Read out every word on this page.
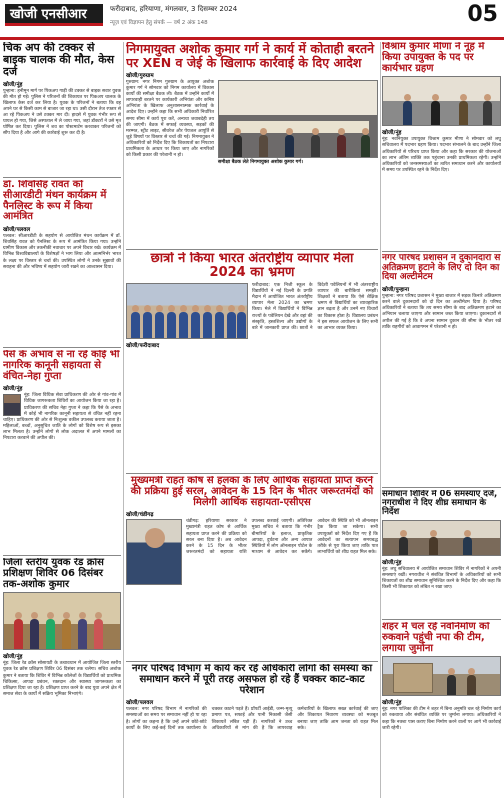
खोजी एनसीआर	फरीदाबाद, हरियाणा, मंगलवार, 3 दिसम्बर 2024
न्यूज़ एवं विज्ञापन हेतु संपर्क — वर्ष 2 अंक 148	05
चिक अप की टक्कर से बाइक चालक की मौत, केस दर्ज
खोजी/नूंह
पुन्हाना: हनीमून मार्ग पर पिकअप गाड़ी की टक्कर से बाइक सवार युवक की मौत हो गई। पुलिस ने परिजनों की शिकायत पर पिकअप चालक के खिलाफ केस दर्ज कर लिया है। युवक के परिजनों ने बताया कि वह अपने घर से किसी काम से बाजार जा रहा था। उसी दौरान तेज रफ्तार से आ रहे पिकअप ने उसे टक्कर मार दी। हादसे में युवक गंभीर रूप से घायल हो गया, जिसे अस्पताल में ले जाया गया, जहां डॉक्टरों ने उसे मृत घोषित कर दिया। पुलिस ने शव का पोस्टमार्टम करवाकर परिजनों को सौंप दिया है और आगे की कार्रवाई शुरू कर दी है।
डॉ. शिवसिंह रावत को सीआरडीटी मंथन कार्यक्रम में पैनलिस्ट के रूप में किया आमंत्रित
खोजी/पलवल
पलवल: सीआरडीटी के सहयोग से आयोजित मंथन कार्यक्रम में डॉ. शिवसिंह रावत को पैनलिस्ट के रूप में आमंत्रित किया गया। उन्होंने ग्रामीण विकास और तकनीकी नवाचार पर अपने विचार रखे। कार्यक्रम में विभिन्न विश्वविद्यालयों के विशेषज्ञों ने भाग लिया और आत्मनिर्भर भारत के लक्ष्य पर विस्तार से चर्चा की। उपस्थित लोगों ने उनके सुझावों की सराहना की और भविष्य में सहयोग जारी रखने का आश्वासन दिया।
पैसे के अभाव से ना रहे कोई भी नागरिक कानूनी सहायता से वंचित-नेहा गुप्ता
खोजी/नूंह
नूंह: जिला विधिक सेवा प्राधिकरण की ओर से गांव-गांव में विधिक जागरूकता शिविरों का आयोजन किया जा रहा है। प्राधिकरण की सचिव नेहा गुप्ता ने कहा कि पैसे के अभाव में कोई भी नागरिक कानूनी सहायता से वंचित नहीं रहना चाहिए। प्राधिकरण की ओर से निःशुल्क वकील उपलब्ध कराया जाता है। महिलाओं, बच्चों, अनुसूचित जाति के लोगों को विशेष रूप से इसका लाभ मिलता है। उन्होंने लोगों से लोक अदालत में अपने मामलों का निपटारा करवाने की अपील की।
जिला स्तरीय युवक रेड क्रॉस प्रशिक्षण शिविर 06 दिसंबर तक-अशोक कुमार
खोजी/नूंह
नूंह: जिला रेड क्रॉस सोसायटी के तत्वावधान में आयोजित जिला स्तरीय युवक रेड क्रॉस प्रशिक्षण शिविर 06 दिसंबर तक चलेगा। सचिव अशोक कुमार ने बताया कि शिविर में विभिन्न कॉलेजों के विद्यार्थियों को प्राथमिक चिकित्सा, आपदा प्रबंधन, रक्तदान और स्वास्थ्य जागरूकता का प्रशिक्षण दिया जा रहा है। प्रशिक्षण प्राप्त करने के बाद युवा अपने क्षेत्र में समाज सेवा के कार्यों में सक्रिय भूमिका निभाएंगे।
निगमायुक्त अशोक कुमार गर्ग ने कार्य में कोताही बरतने पर XEN व जेई के खिलाफ कार्रवाई के दिए आदेश
खोजी/गुरुग्राम
गुरुग्राम: नगर निगम गुरुग्राम के आयुक्त अशोक कुमार गर्ग ने सोमवार को निगम कार्यालय में विकास कार्यों की समीक्षा बैठक ली। बैठक में उन्होंने कार्यों में लापरवाही बरतने पर कार्यकारी अभियंता और कनिष्ठ अभियंता के खिलाफ अनुशासनात्मक कार्रवाई के आदेश दिए। उन्होंने कहा कि सभी अधिकारी निर्धारित समय सीमा में कार्य पूरा करें, अन्यथा जवाबदेही तय की जाएगी। बैठक में सफाई व्यवस्था, सड़कों की मरम्मत, स्ट्रीट लाइट, सीवरेज और पेयजल आपूर्ति से जुड़े विषयों पर विस्तार से चर्चा की गई। निगमायुक्त ने अधिकारियों को निर्देश दिए कि शिकायतों का निपटारा प्राथमिकता के आधार पर किया जाए और नागरिकों को किसी प्रकार की परेशानी न हो।
समीक्षा बैठक लेते निगमायुक्त अशोक कुमार गर्ग।
छात्रों ने किया भारत अंतर्राष्ट्रीय व्यापार मेला 2024 का भ्रमण
खोजी/फरीदाबाद
फरीदाबाद: एक निजी स्कूल के विद्यार्थियों ने नई दिल्ली के प्रगति मैदान में आयोजित भारत अंतर्राष्ट्रीय व्यापार मेला 2024 का भ्रमण किया। मेले में विद्यार्थियों ने विभिन्न राज्यों के पवेलियन देखे और वहां की संस्कृति, हस्तशिल्प और उद्योगों के बारे में जानकारी प्राप्त की। छात्रों ने विदेशी पवेलियनों में भी अंतरराष्ट्रीय व्यापार की बारीकियां समझीं। शिक्षकों ने बताया कि ऐसे शैक्षिक भ्रमण से विद्यार्थियों का व्यावहारिक ज्ञान बढ़ता है और उनमें नए विचारों का विकास होता है। विद्यालय प्रबंधन ने इस सफल आयोजन के लिए सभी का आभार व्यक्त किया।
मुख्यमंत्री राहत कोष से हलका के लिए आर्थिक सहायता प्राप्त करने की प्रक्रिया हुई सरल, आवेदन के 15 दिन के भीतर जरूरतमंदों को मिलेगी आर्थिक सहायता-एसीएस
खोजी/चंडीगढ़
चंडीगढ़: हरियाणा सरकार ने मुख्यमंत्री राहत कोष से आर्थिक सहायता प्राप्त करने की प्रक्रिया को सरल बना दिया है। अब आवेदन करने के 15 दिन के भीतर जरूरतमंदों को सहायता राशि उपलब्ध करवाई जाएगी। अतिरिक्त मुख्य सचिव ने बताया कि गंभीर बीमारियों के इलाज, प्राकृतिक आपदा, दुर्घटना और अन्य आपात स्थितियों में लोग ऑनलाइन पोर्टल के माध्यम से आवेदन कर सकेंगे। आवेदन की स्थिति को भी ऑनलाइन ट्रैक किया जा सकेगा। सभी उपायुक्तों को निर्देश दिए गए हैं कि आवेदनों का सत्यापन समयबद्ध तरीके से पूरा किया जाए ताकि पात्र लाभार्थियों को शीघ्र राहत मिल सके।
नगर परिषद विभाग में कार्य कर रहे अधिकारी लोगों की समस्या का समाधान करने में पूरी तरह असफल हो रहे हैं चक्कर काट-काट परेशान
खोजी/पलवल
पलवल: नगर परिषद विभाग में नागरिकों की समस्याओं का समय पर समाधान नहीं हो पा रहा है। लोगों का कहना है कि उन्हें अपने छोटे-छोटे कार्यों के लिए कई-कई दिनों तक कार्यालय के चक्कर काटने पड़ते हैं। प्रॉपर्टी आईडी, जन्म-मृत्यु प्रमाण पत्र, सफाई और पानी निकासी जैसी शिकायतें लंबित पड़ी हैं। नागरिकों ने उच्च अधिकारियों से मांग की है कि लापरवाह कर्मचारियों के खिलाफ सख्त कार्रवाई की जाए और शिकायत निवारण व्यवस्था को मजबूत बनाया जाए ताकि आम जनता को राहत मिल सके।
विश्राम कुमार मीणा ने नूंह में किया उपायुक्त के पद पर कार्यभार ग्रहण
खोजी/नूंह
नूंह: नवनियुक्त उपायुक्त विश्राम कुमार मीणा ने सोमवार को लघु सचिवालय में पदभार ग्रहण किया। पदभार संभालने के बाद उन्होंने जिला अधिकारियों से परिचय प्राप्त किया और कहा कि सरकार की योजनाओं का लाभ अंतिम व्यक्ति तक पहुंचाना उनकी प्राथमिकता रहेगी। उन्होंने अधिकारियों को जनसमस्याओं का त्वरित समाधान करने और कार्यालयों में समय पर उपस्थित रहने के निर्देश दिए।
नगर परिषद प्रशासन ने दुकानदारों से अतिक्रमण हटाने के लिए दो दिन का दिया अल्टीमेटम
खोजी/पुन्हाना
पुन्हाना: नगर परिषद प्रशासन ने मुख्य बाजार में सड़क किनारे अतिक्रमण करने वाले दुकानदारों को दो दिन का अल्टीमेटम दिया है। परिषद अधिकारियों ने बताया कि तय समय सीमा के बाद अतिक्रमण हटाने का अभियान चलाया जाएगा और सामान जब्त किया जाएगा। दुकानदारों से अपील की गई है कि वे अपना सामान दुकान की सीमा के भीतर रखें ताकि राहगीरों को आवागमन में परेशानी न हो।
समाधान शिविर में 06 समस्याएं दर्ज, नगराधीश ने दिए शीघ्र समाधान के निर्देश
खोजी/नूंह
नूंह: लघु सचिवालय में आयोजित समाधान शिविर में नागरिकों ने अपनी समस्याएं रखीं। नगराधीश ने संबंधित विभागों के अधिकारियों को सभी शिकायतों का शीघ्र समाधान सुनिश्चित करने के निर्देश दिए और कहा कि किसी भी शिकायत को लंबित न रखा जाए।
शहर में चल रहे नवनिर्माण को रुकवाने पहुंची नपा की टीम, लगाया जुर्माना
खोजी/नूंह
नूंह: नगर पालिका की टीम ने शहर में बिना अनुमति चल रहे निर्माण कार्य को रुकवाया और संबंधित व्यक्ति पर जुर्माना लगाया। अधिकारियों ने कहा कि नक्शा पास कराए बिना निर्माण करने वालों पर आगे भी कार्रवाई जारी रहेगी।
